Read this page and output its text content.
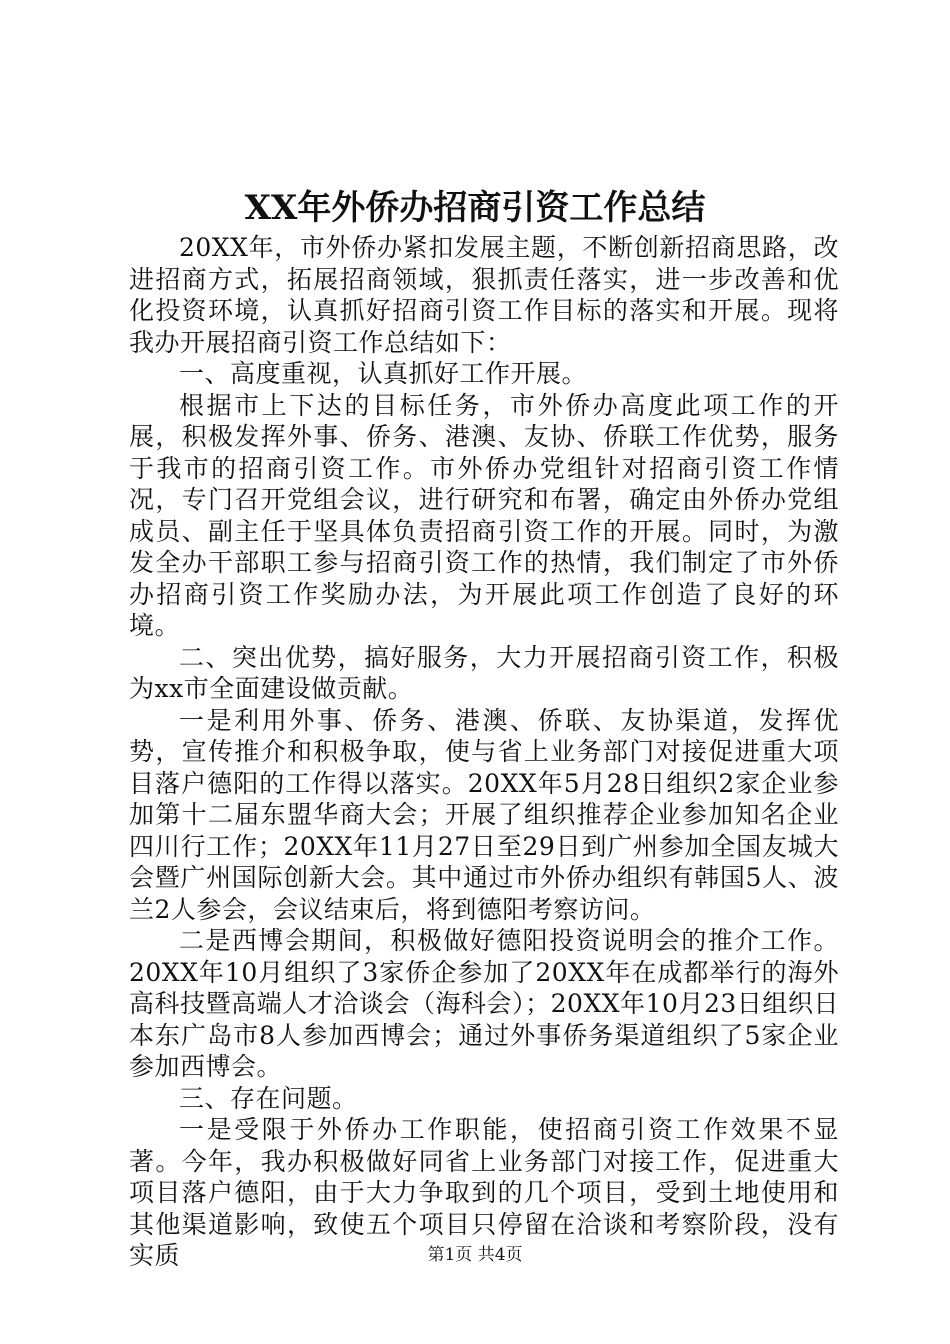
XX年外侨办招商引资工作总结

20XX年，市外侨办紧扣发展主题，不断创新招商思路，改进招商方式，拓展招商领域，狠抓责任落实，进一步改善和优化投资环境，认真抓好招商引资工作目标的落实和开展。现将我办开展招商引资工作总结如下：

一、高度重视，认真抓好工作开展。

根据市上下达的目标任务，市外侨办高度此项工作的开展，积极发挥外事、侨务、港澳、友协、侨联工作优势，服务于我市的招商引资工作。市外侨办党组针对招商引资工作情况，专门召开党组会议，进行研究和布署，确定由外侨办党组成员、副主任于坚具体负责招商引资工作的开展。同时，为激发全办干部职工参与招商引资工作的热情，我们制定了市外侨办招商引资工作奖励办法，为开展此项工作创造了良好的环境。

二、突出优势，搞好服务，大力开展招商引资工作，积极为xx市全面建设做贡献。

一是利用外事、侨务、港澳、侨联、友协渠道，发挥优势，宣传推介和积极争取，使与省上业务部门对接促进重大项目落户德阳的工作得以落实。20XX年5月28日组织2家企业参加第十二届东盟华商大会；开展了组织推荐企业参加知名企业四川行工作；20XX年11月27日至29日到广州参加全国友城大会暨广州国际创新大会。其中通过市外侨办组织有韩国5人、波兰2人参会，会议结束后，将到德阳考察访问。

二是西博会期间，积极做好德阳投资说明会的推介工作。20XX年10月组织了3家侨企参加了20XX年在成都举行的海外高科技暨高端人才洽谈会（海科会）；20XX年10月23日组织日本东广岛市8人参加西博会；通过外事侨务渠道组织了5家企业参加西博会。

三、存在问题。

一是受限于外侨办工作职能，使招商引资工作效果不显著。今年，我办积极做好同省上业务部门对接工作，促进重大项目落户德阳，由于大力争取到的几个项目，受到土地使用和其他渠道影响，致使五个项目只停留在洽谈和考察阶段，没有实质	第1页 共4页
